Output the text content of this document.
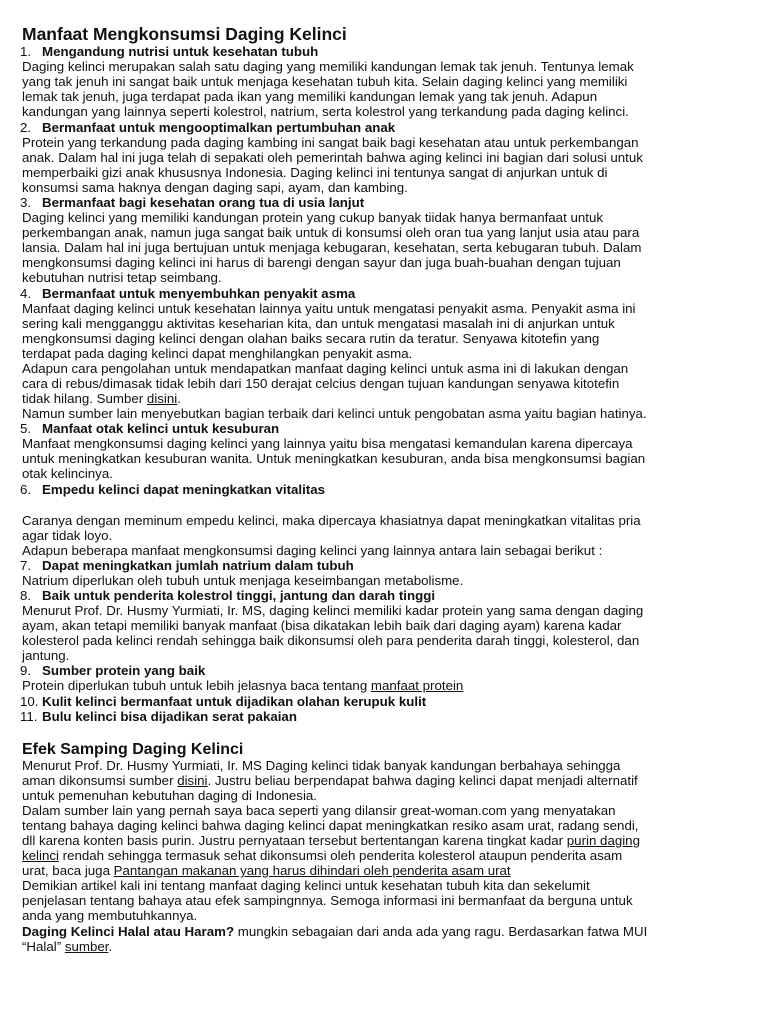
Manfaat Mengkonsumsi Daging Kelinci
1. Mengandung nutrisi untuk kesehatan tubuh

Daging kelinci merupakan salah satu daging yang memiliki kandungan lemak tak jenuh. Tentunya lemak

yang tak jenuh ini sangat baik untuk menjaga kesehatan tubuh kita. Selain daging kelinci yang memiliki

lemak tak jenuh, juga terdapat pada ikan yang memiliki kandungan lemak yang tak jenuh. Adapun

kandungan yang lainnya seperti kolestrol, natrium, serta kolestrol yang terkandung pada daging kelinci.

2. Bermanfaat untuk mengooptimalkan pertumbuhan anak

Protein yang terkandung pada daging kambing ini sangat baik bagi kesehatan atau untuk perkembangan

anak. Dalam hal ini juga telah di sepakati oleh pemerintah bahwa aging kelinci ini bagian dari solusi untuk

memperbaiki gizi anak khususnya Indonesia. Daging kelinci ini tentunya sangat di anjurkan untuk di

konsumsi sama haknya dengan daging sapi, ayam, dan kambing.

3. Bermanfaat bagi kesehatan orang tua di usia lanjut

Daging kelinci yang memiliki kandungan protein yang cukup banyak tiidak hanya bermanfaat untuk

perkembangan anak, namun juga sangat baik untuk di konsumsi oleh oran tua yang lanjut usia atau para

lansia. Dalam hal ini juga bertujuan untuk menjaga kebugaran, kesehatan, serta kebugaran tubuh. Dalam

mengkonsumsi daging kelinci ini harus di barengi dengan sayur dan juga buah-buahan dengan tujuan

kebutuhan nutrisi tetap seimbang.

4. Bermanfaat untuk menyembuhkan penyakit asma

Manfaat daging kelinci untuk kesehatan lainnya yaitu untuk mengatasi penyakit asma. Penyakit asma ini

sering kali mengganggu aktivitas keseharian kita, dan untuk mengatasi masalah ini di anjurkan untuk

mengkonsumsi daging kelinci dengan olahan baiks secara rutin da teratur. Senyawa kitotefin yang

terdapat pada daging kelinci dapat menghilangkan penyakit asma.

Adapun cara pengolahan untuk mendapatkan manfaat daging kelinci untuk asma ini di lakukan dengan

cara di rebus/dimasak tidak lebih dari 150 derajat celcius dengan tujuan kandungan senyawa kitotefin

tidak hilang. Sumber disini.

Namun sumber lain menyebutkan bagian terbaik dari kelinci untuk pengobatan asma yaitu bagian hatinya.

5. Manfaat otak kelinci untuk kesuburan

Manfaat mengkonsumsi daging kelinci yang lainnya yaitu bisa mengatasi kemandulan karena dipercaya

untuk meningkatkan kesuburan wanita. Untuk meningkatkan kesuburan, anda bisa mengkonsumsi bagian

otak kelincinya.

6. Empedu kelinci dapat meningkatkan vitalitas

Caranya dengan meminum empedu kelinci, maka dipercaya khasiatnya dapat meningkatkan vitalitas pria

agar tidak loyo.

Adapun beberapa manfaat mengkonsumsi daging kelinci yang lainnya antara lain sebagai berikut :

7. Dapat meningkatkan jumlah natrium dalam tubuh

Natrium diperlukan oleh tubuh untuk menjaga keseimbangan metabolisme.

8. Baik untuk penderita kolestrol tinggi, jantung dan darah tinggi

Menurut Prof. Dr. Husmy Yurmiati, Ir. MS, daging kelinci memiliki kadar protein yang sama dengan daging

ayam, akan tetapi memiliki banyak manfaat (bisa dikatakan lebih baik dari daging ayam) karena kadar

kolesterol pada kelinci rendah sehingga baik dikonsumsi oleh para penderita darah tinggi, kolesterol, dan

jantung.

9. Sumber protein yang baik

Protein diperlukan tubuh untuk lebih jelasnya baca tentang manfaat protein

10. Kulit kelinci bermanfaat untuk dijadikan olahan kerupuk kulit
11. Bulu kelinci bisa dijadikan serat pakaian
Efek Samping Daging Kelinci

Menurut Prof. Dr. Husmy Yurmiati, Ir. MS Daging kelinci tidak banyak kandungan berbahaya sehingga

aman dikonsumsi sumber disini. Justru beliau berpendapat bahwa daging kelinci dapat menjadi alternatif

untuk pemenuhan kebutuhan daging di Indonesia.

Dalam sumber lain yang pernah saya baca seperti yang dilansir great-woman.com yang menyatakan

tentang bahaya daging kelinci bahwa daging kelinci dapat meningkatkan resiko asam urat, radang sendi,

dll karena konten basis purin. Justru pernyataan tersebut bertentangan karena tingkat kadar purin daging

kelinci rendah sehingga termasuk sehat dikonsumsi oleh penderita kolesterol ataupun penderita asam

urat, baca juga Pantangan makanan yang harus dihindari oleh penderita asam urat

Demikian artikel kali ini tentang manfaat daging kelinci untuk kesehatan tubuh kita dan sekelumit

penjelasan tentang bahaya atau efek sampingnnya. Semoga informasi ini bermanfaat da berguna untuk

anda yang membutuhkannya.

Daging Kelinci Halal atau Haram? mungkin sebagaian dari anda ada yang ragu. Berdasarkan fatwa MUI

“Halal” sumber.
